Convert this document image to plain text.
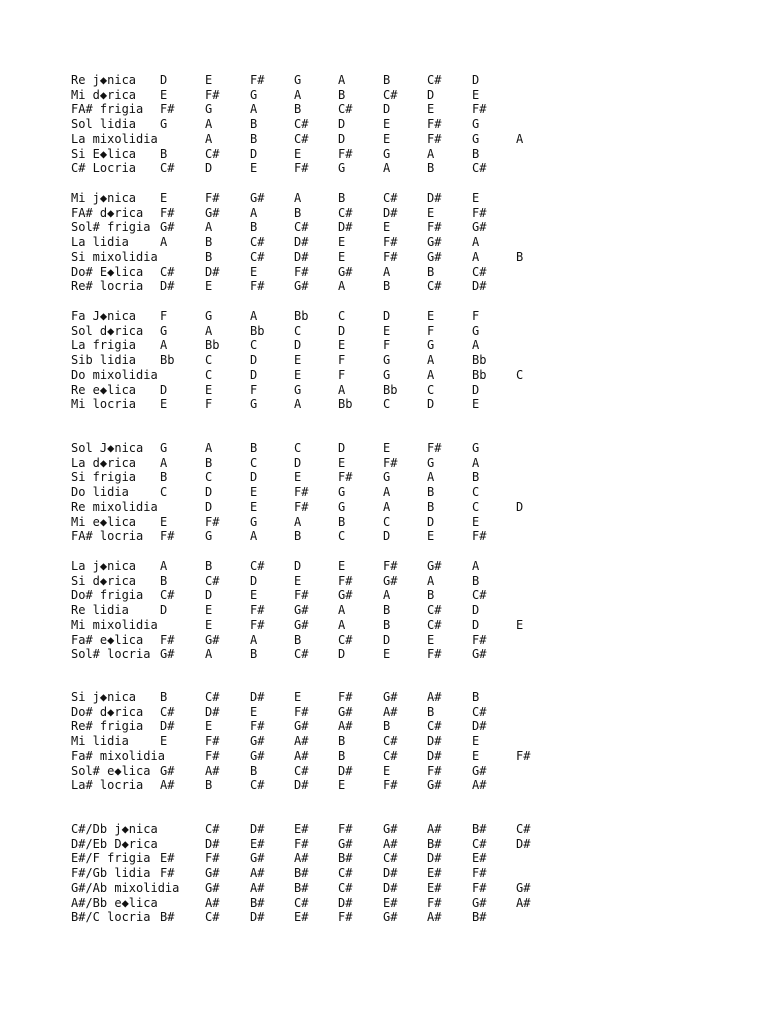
Re j◆nica D	E	F# G	A	B	C#	D
Mi d◆rica E	F#	G	A	B	C# D	E
FA# frigia F#	G	A	B	C#	D	E	F#
Sol lidia G	A	B	C# D	E	F#	G
La mixolidia	A	B	C# D	E	F#	G	A
Si E◆lica B	C#	D	E	F#	G	A	B
C# Locria C#	D	E	F# G	A	B	C#
Mi j◆nica E	F#	G# A	B	C# D#	E
FA# d◆rica F#	G#	A	B	C#	D# E	F#
Sol# frigia G#	A	B	C# D#	E	F#	G#
La lidia	A	B	C# D# E	F# G#	A
Si mixolidia	B	C# D# E	F# G#	A	B
Do# E◆lica C#	D#	E	F# G#	A	B	C#
Re# locria D#	E	F# G# A	B	C#	D#
Fa J◆nica F	G	A	Bb C	D	E	F
Sol d◆rica G	A	Bb C	D	E	F	G
La frigia A	Bb	C	D	E	F	G	A
Sib lidia Bb	C	D	E	F	G	A	Bb
Do mixolidia	C	D	E	F	G	A	Bb C
Re e◆lica D	E	F	G	A	Bb C	D
Mi locria E	F	G	A	Bb	C	D	E
Sol J◆nica G	A	B	C	D	E	F#	G
La d◆rica A	B	C	D	E	F# G	A
Si frigia B	C	D	E	F#	G	A	B
Do lidia	C	D	E	F# G	A	B	C
Re mixolidia	D	E	F# G	A	B	C	D
Mi e◆lica E	F#	G	A	B	C	D	E
FA# locria F#	G	A	B	C	D	E	F#
La j◆nica A	B	C# D	E	F# G#	A
Si d◆rica B	C#	D	E	F#	G# A	B
Do# frigia C#	D	E	F# G#	A	B	C#
Re lidia	D	E	F# G# A	B	C#	D
Mi mixolidia	E	F# G# A	B	C#	D	E
Fa# e◆lica F#	G#	A	B	C#	D	E	F#
Sol# locria G#	A	B	C# D	E	F#	G#
Si j◆nica B	C#	D# E	F#	G# A#	B
Do# d◆rica C#	D#	E	F# G#	A# B	C#
Re# frigia D#	E	F# G# A#	B	C#	D#
Mi lidia	E	F#	G# A# B	C# D#	E
Fa# mixolidia	F#	G# A# B	C# D#	E	F#
Sol# e◆lica G#	A#	B	C# D#	E	F#	G#
La# locria A#	B	C# D# E	F# G#	A#
C#/Db j◆nica	C#	D# E# F#	G# A#	B# C#
D#/Eb D◆rica	D#	E# F# G#	A# B#	C# D#
E#/F frigia E#	F#	G# A# B#	C# D#	E#
F#/Gb lidia F#	G#	A# B# C#	D# E#	F#
G#/Ab mixolidia G#	A# B# C#	D# E#	F# G#
A#/Bb e◆lica	A#	B# C# D#	E# F#	G# A#
B#/C locria B#	C#	D# E# F#	G# A#	B#
